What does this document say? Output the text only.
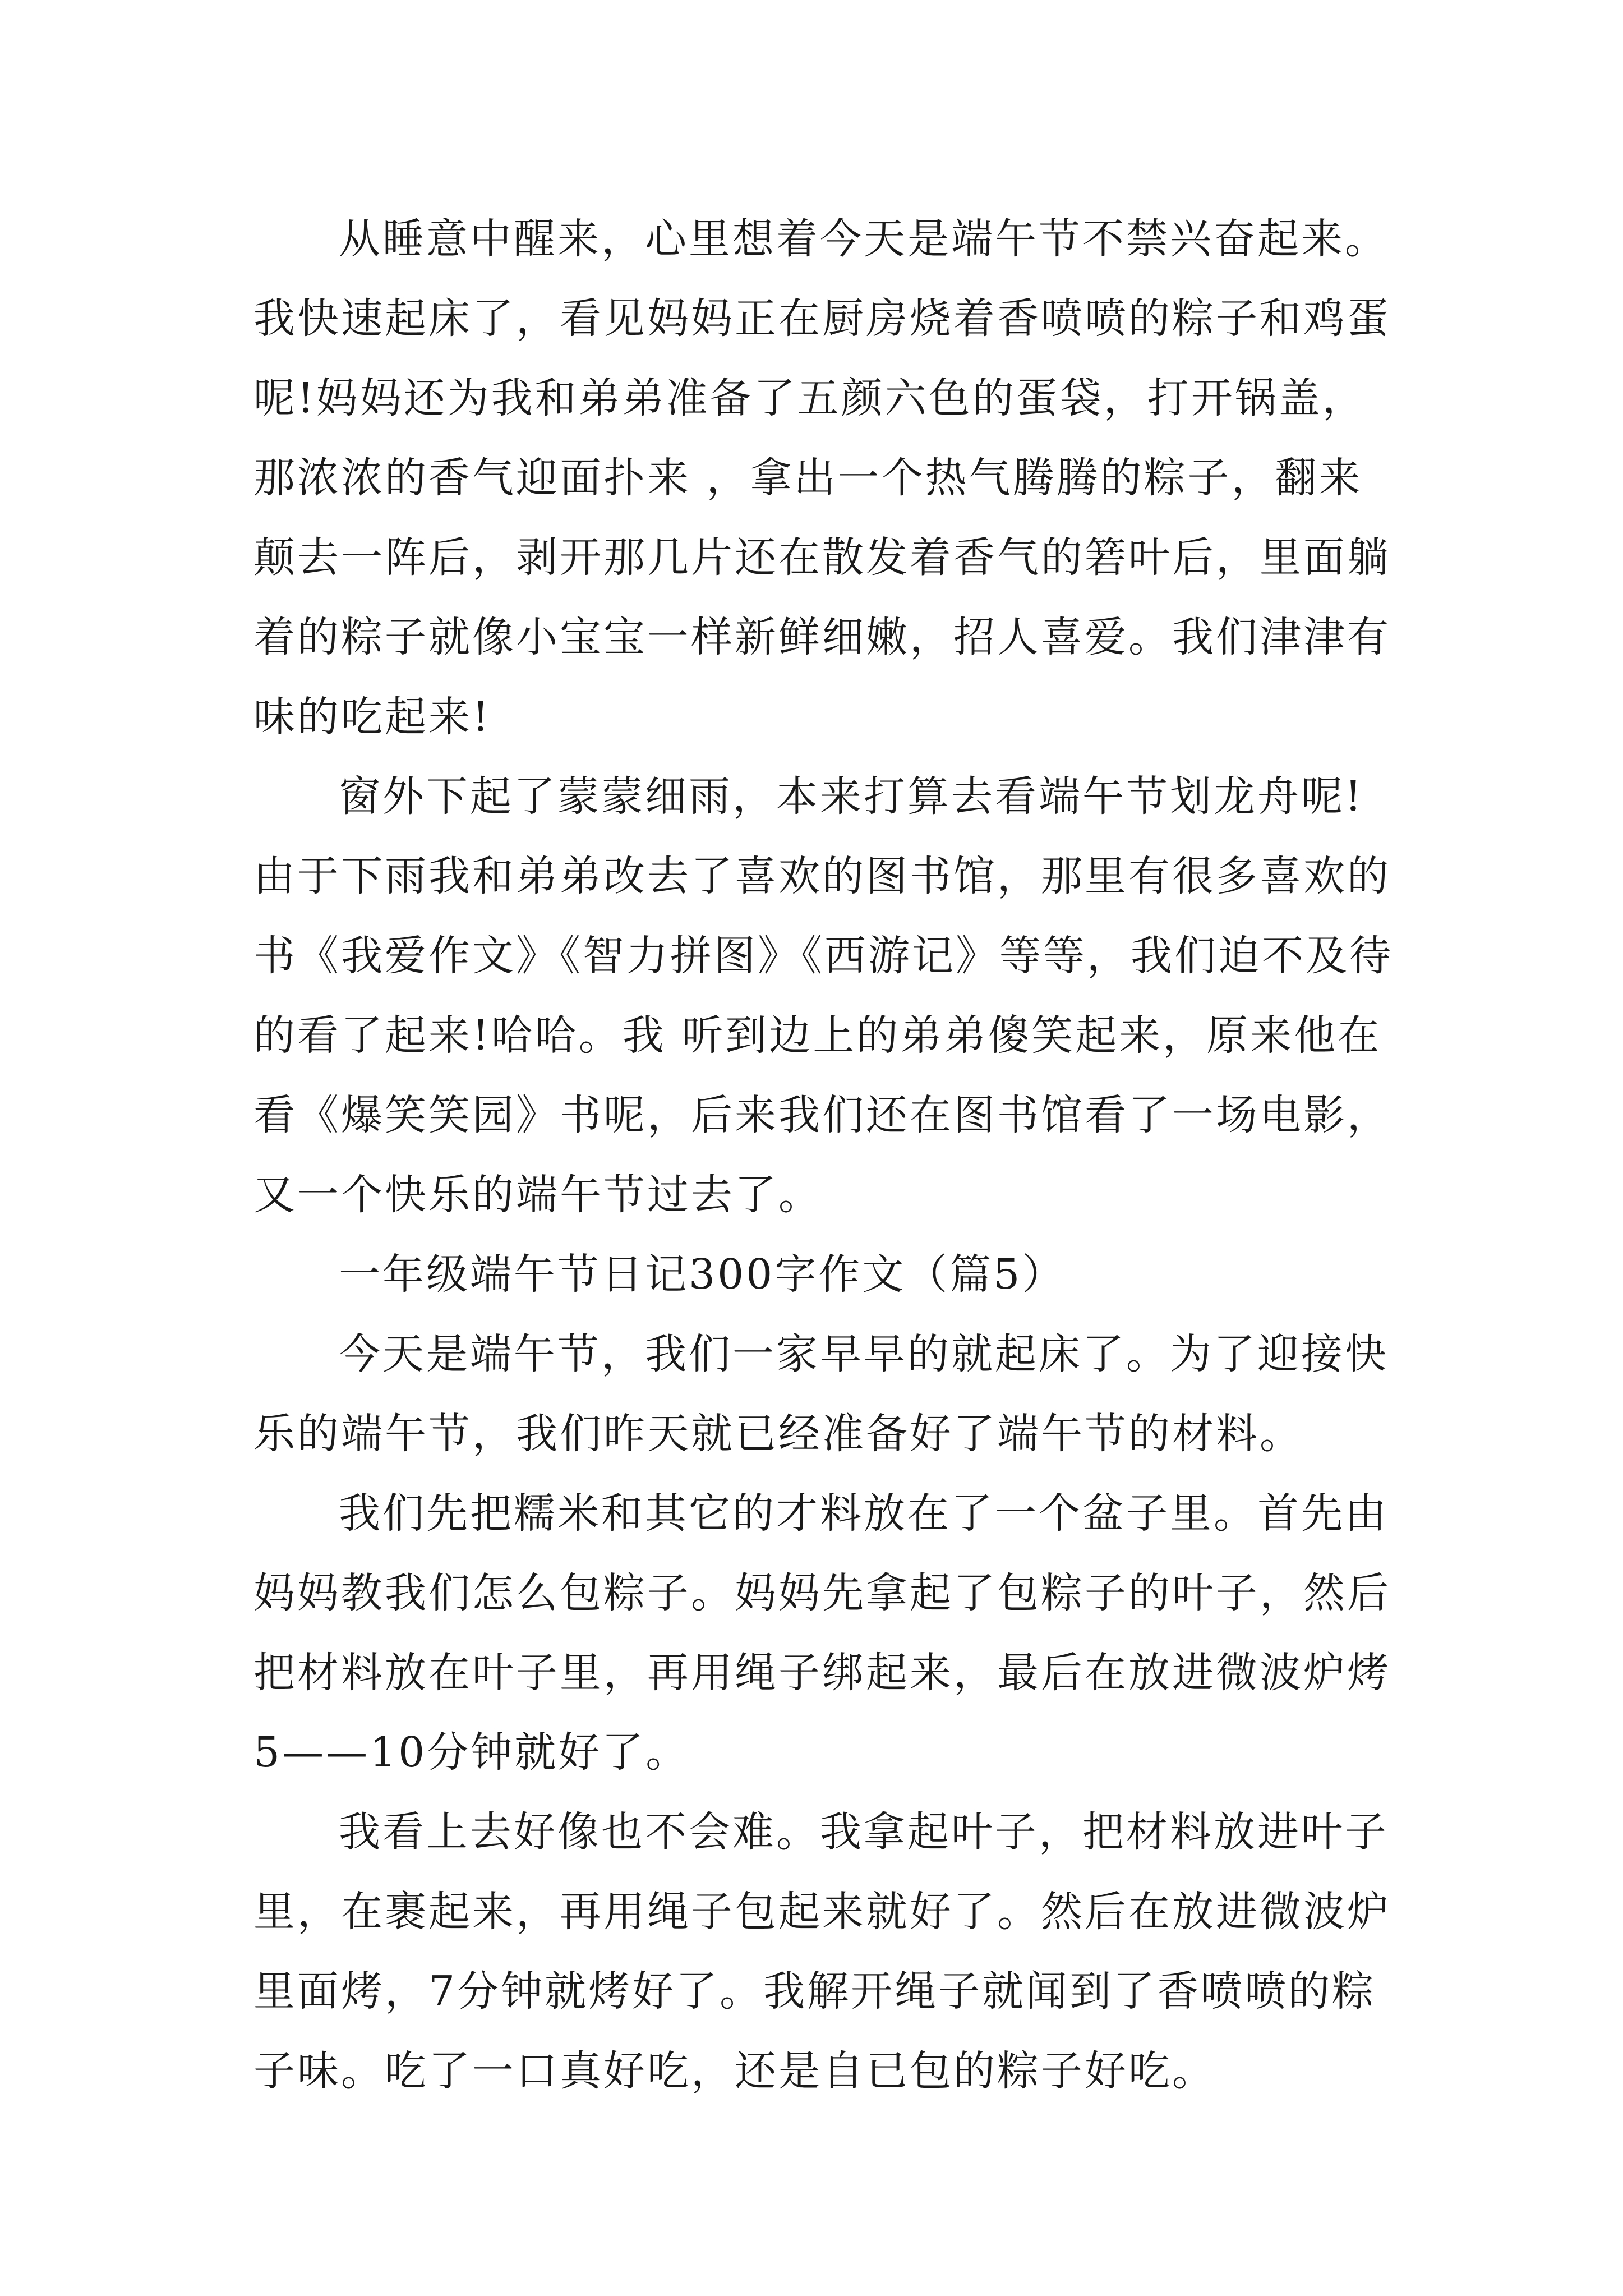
从睡意中醒来，心里想着今天是端午节不禁兴奋起来。
我快速起床了，看见妈妈正在厨房烧着香喷喷的粽子和鸡蛋
呢!妈妈还为我和弟弟准备了五颜六色的蛋袋，打开锅盖，
那浓浓的香气迎面扑来 ，拿出一个热气腾腾的粽子，翻来
颠去一阵后，剥开那几片还在散发着香气的箬叶后，里面躺
着的粽子就像小宝宝一样新鲜细嫩，招人喜爱。我们津津有
味的吃起来!
窗外下起了蒙蒙细雨，本来打算去看端午节划龙舟呢!
由于下雨我和弟弟改去了喜欢的图书馆，那里有很多喜欢的
书《我爱作文》《智力拼图》《西游记》等等，我们迫不及待
的看了起来!哈哈。我 听到边上的弟弟傻笑起来，原来他在
看《爆笑笑园》书呢，后来我们还在图书馆看了一场电影，
又一个快乐的端午节过去了。
一年级端午节日记300字作文（篇5）
今天是端午节，我们一家早早的就起床了。为了迎接快
乐的端午节，我们昨天就已经准备好了端午节的材料。
我们先把糯米和其它的才料放在了一个盆子里。首先由
妈妈教我们怎么包粽子。妈妈先拿起了包粽子的叶子，然后
把材料放在叶子里，再用绳子绑起来，最后在放进微波炉烤
5——10分钟就好了。
我看上去好像也不会难。我拿起叶子，把材料放进叶子
里，在裹起来，再用绳子包起来就好了。然后在放进微波炉
里面烤，7分钟就烤好了。我解开绳子就闻到了香喷喷的粽
子味。吃了一口真好吃，还是自已包的粽子好吃。
